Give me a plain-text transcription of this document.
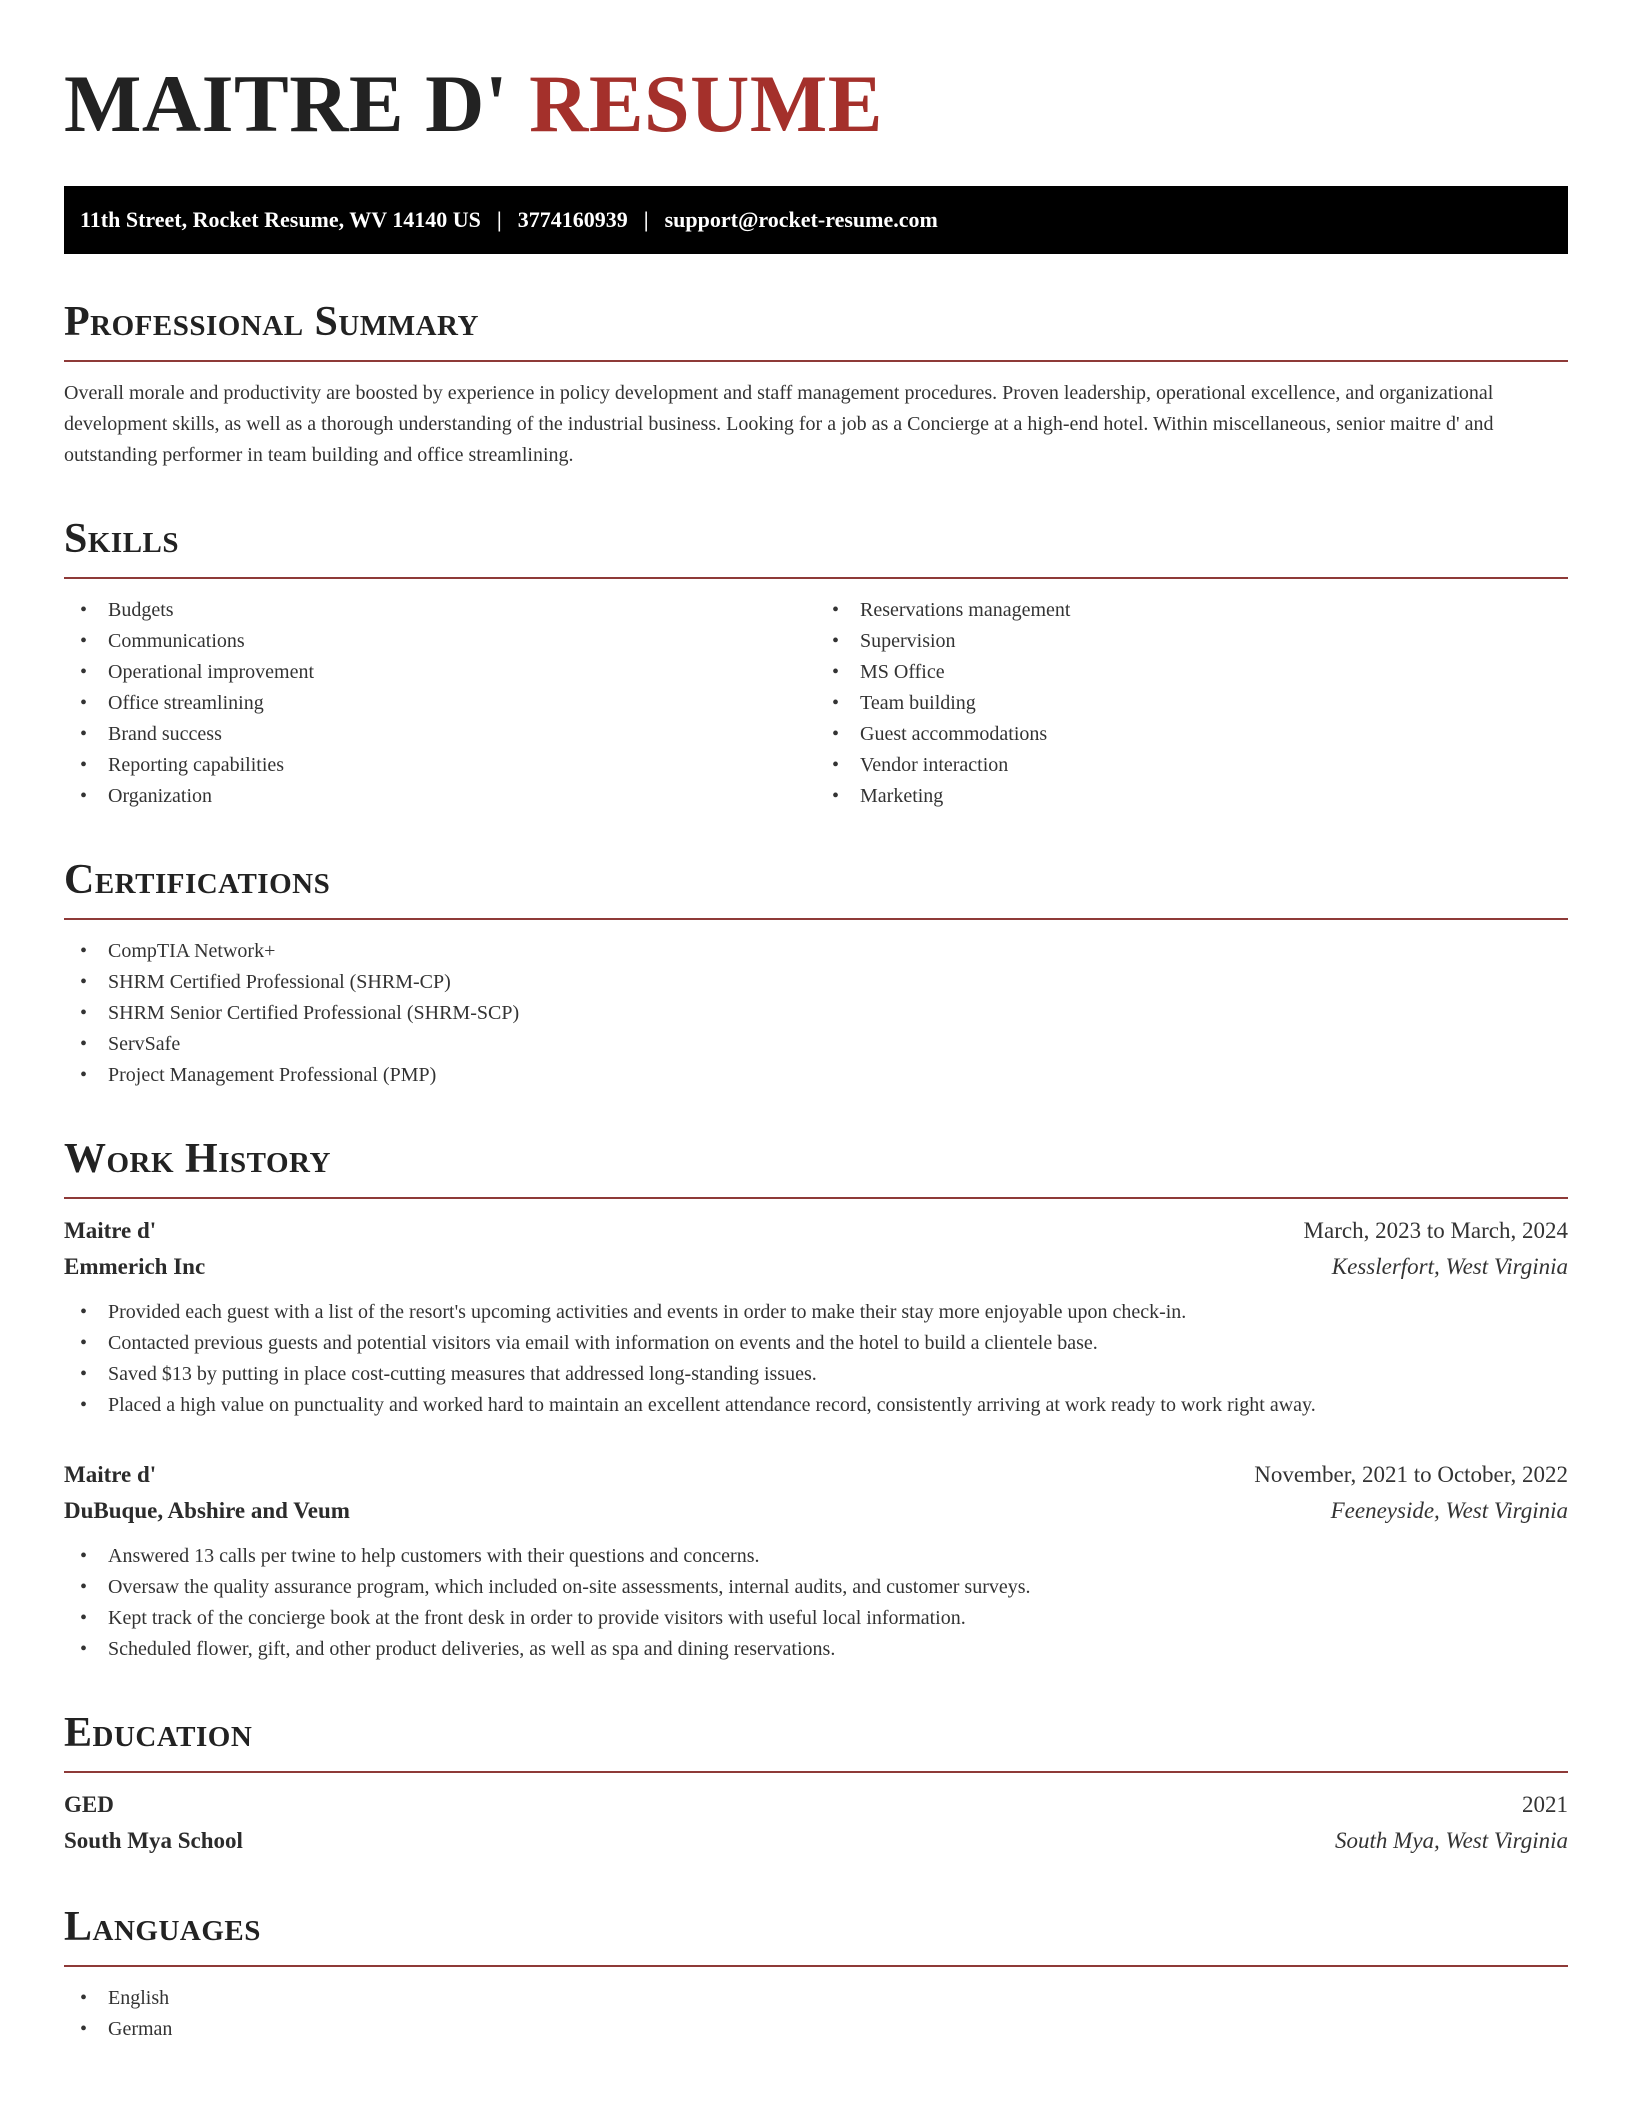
MAITRE D' RESUME
11th Street, Rocket Resume, WV 14140 US | 3774160939 | support@rocket-resume.com
Professional Summary

Overall morale and productivity are boosted by experience in policy development and staff management procedures. Proven leadership, operational excellence, and organizational development skills, as well as a thorough understanding of the industrial business. Looking for a job as a Concierge at a high-end hotel. Within miscellaneous, senior maitre d' and outstanding performer in team building and office streamlining.

Skills
• Budgets
• Communications
• Operational improvement
• Office streamlining
• Brand success
• Reporting capabilities
• Organization
• Reservations management
• Supervision
• MS Office
• Team building
• Guest accommodations
• Vendor interaction
• Marketing
Certifications
• CompTIA Network+
• SHRM Certified Professional (SHRM-CP)
• SHRM Senior Certified Professional (SHRM-SCP)
• ServSafe
• Project Management Professional (PMP)
Work History
Maitre d'	March, 2023 to March, 2024
Emmerich Inc	Kesslerfort, West Virginia
• Provided each guest with a list of the resort's upcoming activities and events in order to make their stay more enjoyable upon check-in.
• Contacted previous guests and potential visitors via email with information on events and the hotel to build a clientele base.
• Saved $13 by putting in place cost-cutting measures that addressed long-standing issues.
• Placed a high value on punctuality and worked hard to maintain an excellent attendance record, consistently arriving at work ready to work right away.
Maitre d'	November, 2021 to October, 2022
DuBuque, Abshire and Veum	Feeneyside, West Virginia
• Answered 13 calls per twine to help customers with their questions and concerns.
• Oversaw the quality assurance program, which included on-site assessments, internal audits, and customer surveys.
• Kept track of the concierge book at the front desk in order to provide visitors with useful local information.
• Scheduled flower, gift, and other product deliveries, as well as spa and dining reservations.
Education
GED	2021
South Mya School	South Mya, West Virginia
Languages
• English
• German
